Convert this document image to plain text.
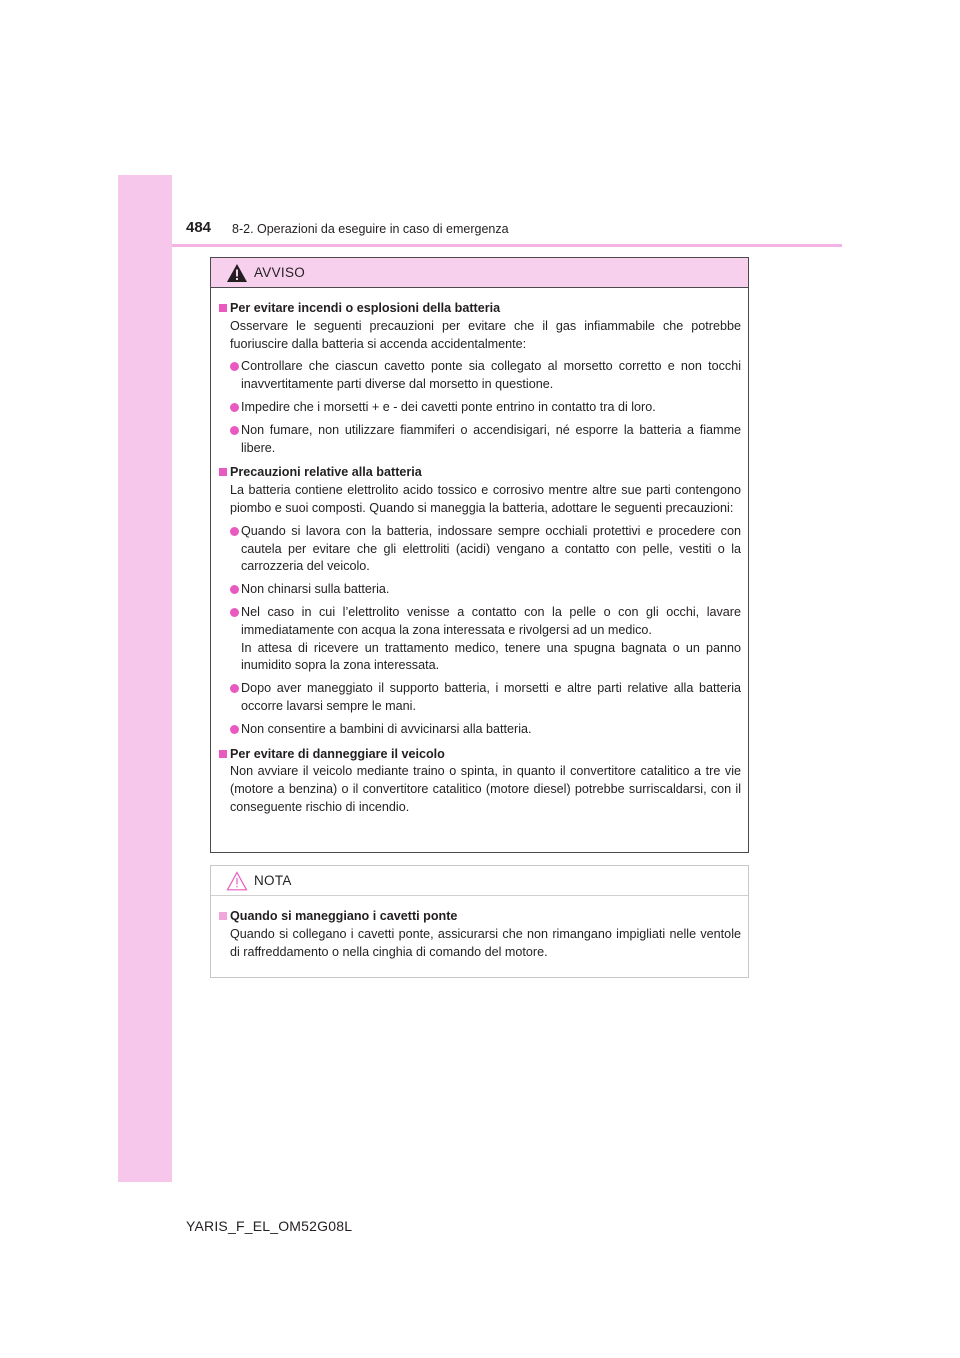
484 8-2. Operazioni da eseguire in caso di emergenza
AVVISO
Per evitare incendi o esplosioni della batteria
Osservare le seguenti precauzioni per evitare che il gas infiammabile che potrebbe fuoriuscire dalla batteria si accenda accidentalmente:
Controllare che ciascun cavetto ponte sia collegato al morsetto corretto e non tocchi inavvertitamente parti diverse dal morsetto in questione.
Impedire che i morsetti + e - dei cavetti ponte entrino in contatto tra di loro.
Non fumare, non utilizzare fiammiferi o accendisigari, né esporre la batteria a fiamme libere.
Precauzioni relative alla batteria
La batteria contiene elettrolito acido tossico e corrosivo mentre altre sue parti contengono piombo e suoi composti. Quando si maneggia la batteria, adottare le seguenti precauzioni:
Quando si lavora con la batteria, indossare sempre occhiali protettivi e procedere con cautela per evitare che gli elettroliti (acidi) vengano a contatto con pelle, vestiti o la carrozzeria del veicolo.
Non chinarsi sulla batteria.
Nel caso in cui l’elettrolito venisse a contatto con la pelle o con gli occhi, lavare immediatamente con acqua la zona interessata e rivolgersi ad un medico.
In attesa di ricevere un trattamento medico, tenere una spugna bagnata o un panno inumidito sopra la zona interessata.
Dopo aver maneggiato il supporto batteria, i morsetti e altre parti relative alla batteria occorre lavarsi sempre le mani.
Non consentire a bambini di avvicinarsi alla batteria.
Per evitare di danneggiare il veicolo
Non avviare il veicolo mediante traino o spinta, in quanto il convertitore catalitico a tre vie (motore a benzina) o il convertitore catalitico (motore diesel) potrebbe surriscaldarsi, con il conseguente rischio di incendio.
NOTA
Quando si maneggiano i cavetti ponte
Quando si collegano i cavetti ponte, assicurarsi che non rimangano impigliati nelle ventole di raffreddamento o nella cinghia di comando del motore.
YARIS_F_EL_OM52G08L
